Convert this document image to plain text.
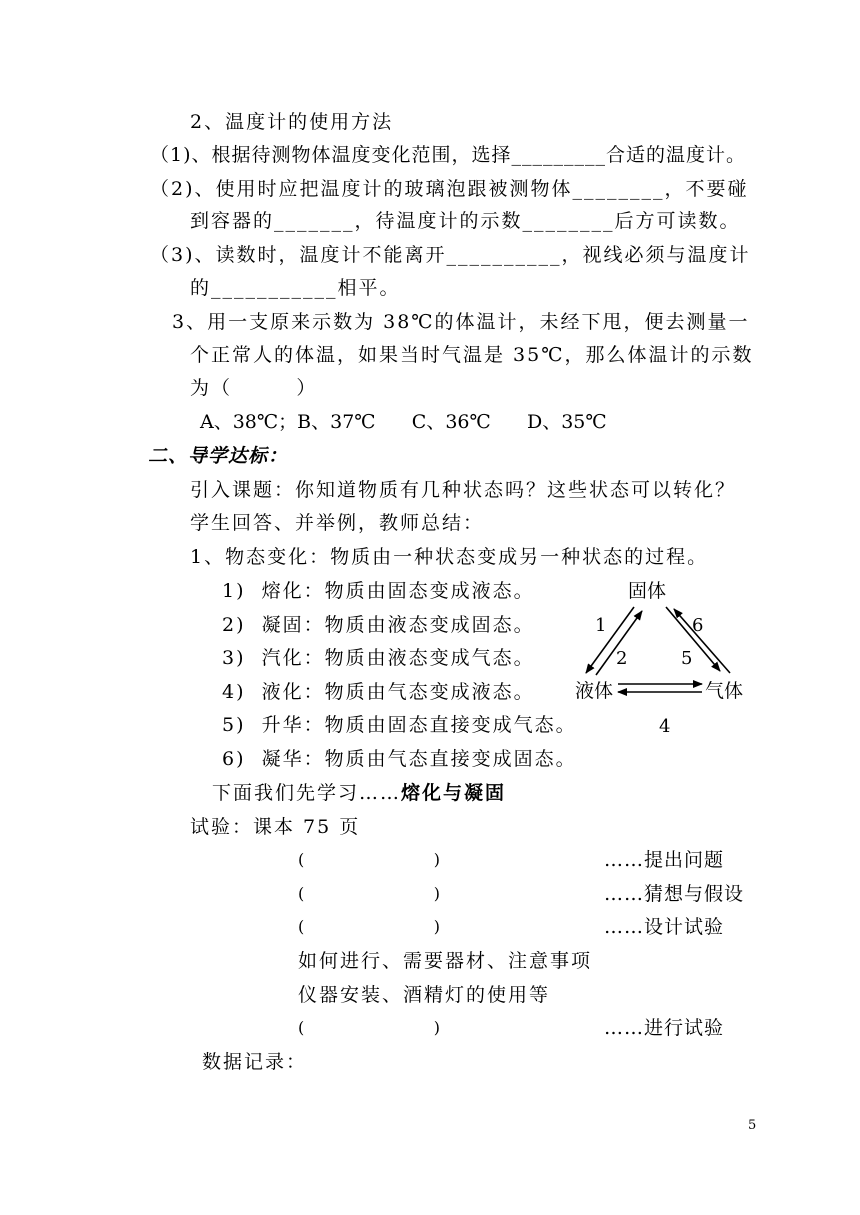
2、温度计的使用方法
（1)、根据待测物体温度变化范围，选择_________合适的温度计。
（2)、使用时应把温度计的玻璃泡跟被测物体________，不要碰
到容器的_______，待温度计的示数________后方可读数。
（3)、读数时，温度计不能离开__________，视线必须与温度计
的___________相平。
3、用一支原来示数为 38℃的体温计，未经下甩，便去测量一
个正常人的体温，如果当时气温是 35℃，那么体温计的示数
为（        ）
A、38℃；B、37℃      C、36℃      D、35℃
二、导学达标：
引入课题：你知道物质有几种状态吗？这些状态可以转化？
学生回答、并举例，教师总结：
1、物态变化：物质由一种状态变成另一种状态的过程。
1)  熔化：物质由固态变成液态。
2)  凝固：物质由液态变成固态。
3)  汽化：物质由液态变成气态。
4)  液化：物质由气态变成液态。
5)  升华：物质由固态直接变成气态。
6)  凝华：物质由气态直接变成固态。
固体
液体	气体
1
2
6
5
4
下面我们先学习……熔化与凝固
试验：课本 75 页
(                  )	……提出问题
(                  )	……猜想与假设
(                  )	……设计试验
如何进行、需要器材、注意事项
仪器安装、酒精灯的使用等
(                  )	……进行试验
数据记录：
5
